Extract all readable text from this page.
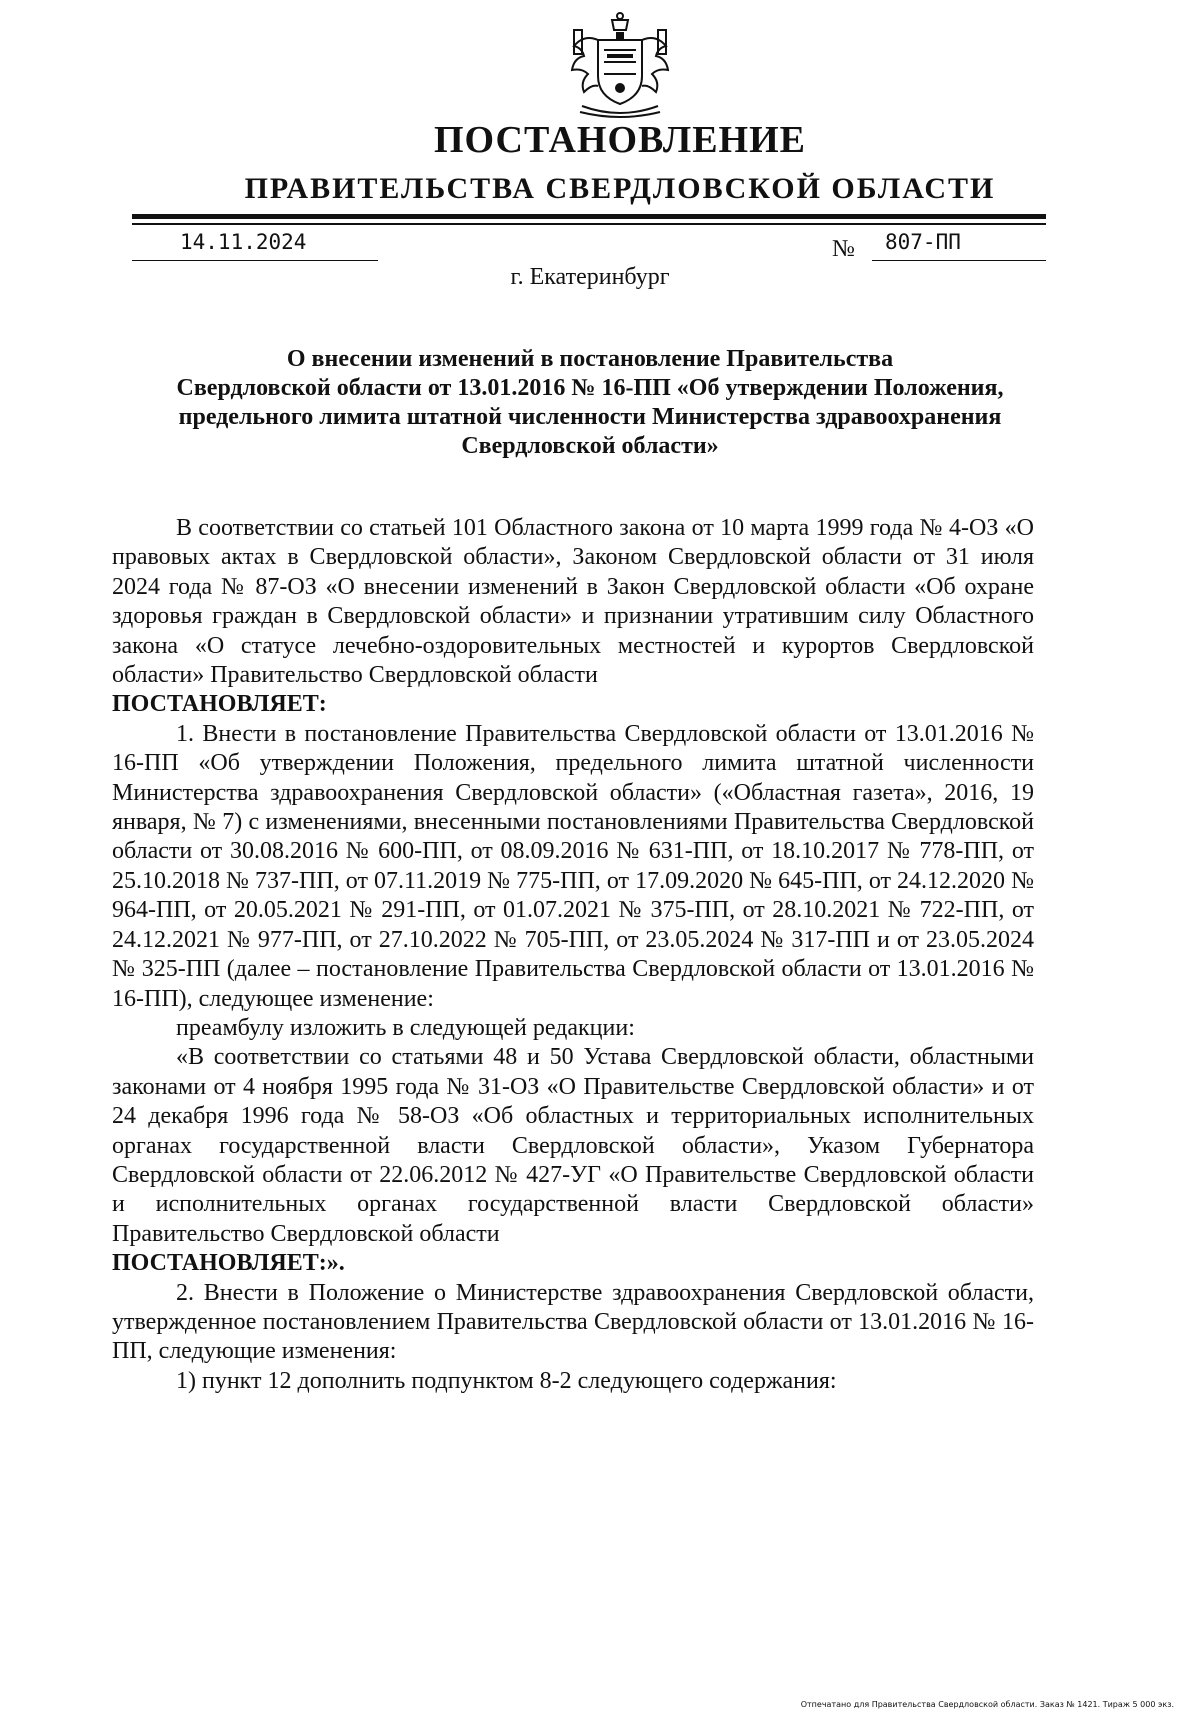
ПОСТАНОВЛЕНИЕ
ПРАВИТЕЛЬСТВА СВЕРДЛОВСКОЙ ОБЛАСТИ
14.11.2024	№ 807-ПП
г. Екатеринбург
О внесении изменений в постановление Правительства
Свердловской области от 13.01.2016 № 16-ПП «Об утверждении Положения,
предельного лимита штатной численности Министерства здравоохранения
Свердловской области»

В соответствии со статьей 101 Областного закона от 10 марта 1999 года № 4-ОЗ «О правовых актах в Свердловской области», Законом Свердловской области от 31 июля 2024 года № 87-ОЗ «О внесении изменений в Закон Свердловской области «Об охране здоровья граждан в Свердловской области» и признании утратившим силу Областного закона «О статусе лечебно-оздоровительных местностей и курортов Свердловской области» Правительство Свердловской области

ПОСТАНОВЛЯЕТ:

1. Внести в постановление Правительства Свердловской области от 13.01.2016 № 16-ПП «Об утверждении Положения, предельного лимита штатной численности Министерства здравоохранения Свердловской области» («Областная газета», 2016, 19 января, № 7) с изменениями, внесенными постановлениями Правительства Свердловской области от 30.08.2016 № 600-ПП, от 08.09.2016 № 631-ПП, от 18.10.2017 № 778-ПП, от 25.10.2018 № 737-ПП, от 07.11.2019 № 775-ПП, от 17.09.2020 № 645-ПП, от 24.12.2020 № 964-ПП, от 20.05.2021 № 291-ПП, от 01.07.2021 № 375-ПП, от 28.10.2021 № 722-ПП, от 24.12.2021 № 977-ПП, от 27.10.2022 № 705-ПП, от 23.05.2024 № 317-ПП и от 23.05.2024 № 325-ПП (далее – постановление Правительства Свердловской области от 13.01.2016 № 16-ПП), следующее изменение:

преамбулу изложить в следующей редакции:

«В соответствии со статьями 48 и 50 Устава Свердловской области, областными законами от 4 ноября 1995 года № 31-ОЗ «О Правительстве Свердловской области» и от 24 декабря 1996 года № 58-ОЗ «Об областных и территориальных исполнительных органах государственной власти Свердловской области», Указом Губернатора Свердловской области от 22.06.2012 № 427-УГ «О Правительстве Свердловской области и исполнительных органах государственной власти Свердловской области» Правительство Свердловской области

ПОСТАНОВЛЯЕТ:».

2. Внести в Положение о Министерстве здравоохранения Свердловской области, утвержденное постановлением Правительства Свердловской области от 13.01.2016 № 16-ПП, следующие изменения:

1) пункт 12 дополнить подпунктом 8-2 следующего содержания:

Отпечатано для Правительства Свердловской области. Заказ № 1421. Тираж 5 000 экз.
